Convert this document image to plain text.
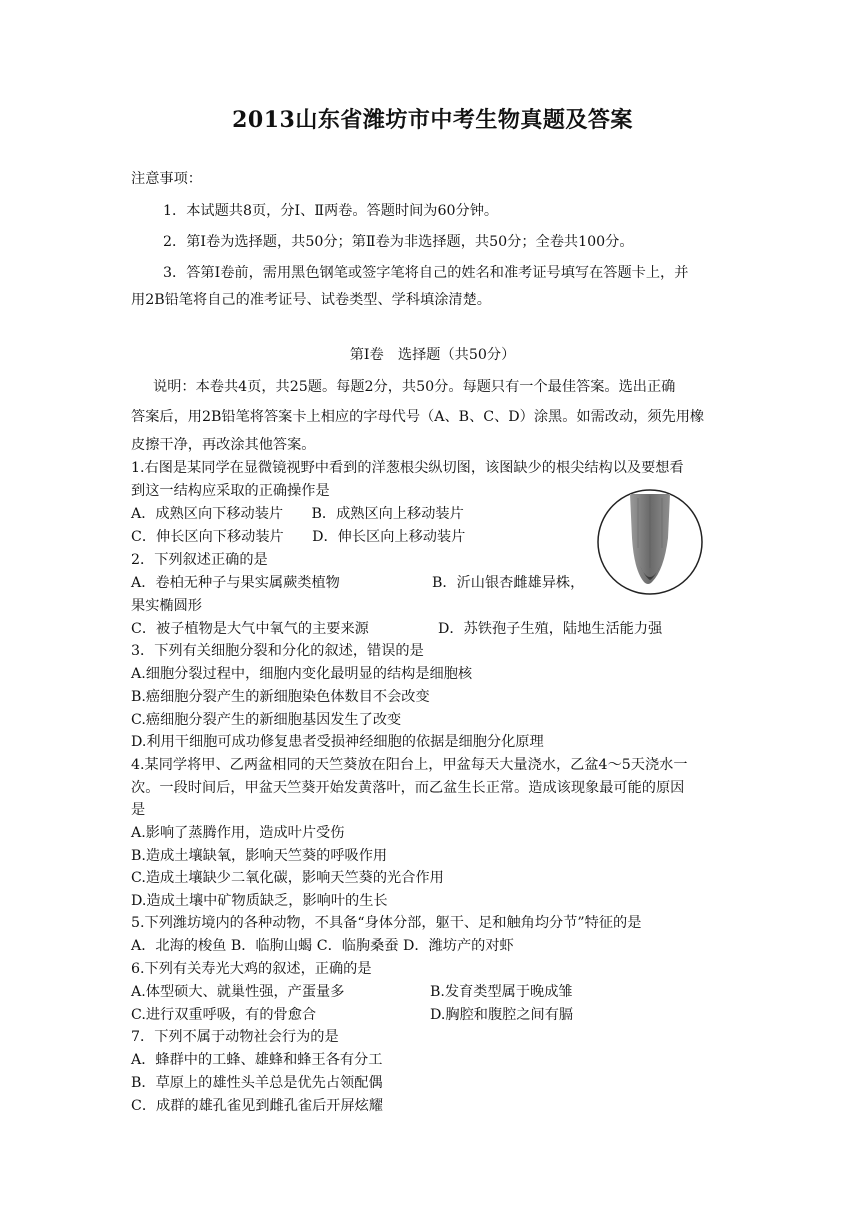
2013山东省潍坊市中考生物真题及答案
注意事项：
1．本试题共8页，分Ⅰ、Ⅱ两卷。答题时间为60分钟。
2．第Ⅰ卷为选择题，共50分；第Ⅱ卷为非选择题，共50分；全卷共100分。
3．答第Ⅰ卷前，需用黑色钢笔或签字笔将自己的姓名和准考证号填写在答题卡上，并
用2B铅笔将自己的准考证号、试卷类型、学科填涂清楚。
第Ⅰ卷　选择题（共50分）
说明：本卷共4页，共25题。每题2分，共50分。每题只有一个最佳答案。选出正确
答案后，用2B铅笔将答案卡上相应的字母代号（A、B、C、D）涂黑。如需改动，须先用橡
皮擦干净，再改涂其他答案。
1.右图是某同学在显微镜视野中看到的洋葱根尖纵切图，该图缺少的根尖结构以及要想看
到这一结构应采取的正确操作是
A．成熟区向下移动装片　　B．成熟区向上移动装片
C．伸长区向下移动装片　　D．伸长区向上移动装片
2．下列叙述正确的是
A．卷柏无种子与果实属蕨类植物	B．沂山银杏雌雄异株，
果实椭圆形
C．被子植物是大气中氧气的主要来源	D．苏铁孢子生殖，陆地生活能力强
3．下列有关细胞分裂和分化的叙述，错误的是
A.细胞分裂过程中，细胞内变化最明显的结构是细胞核
B.癌细胞分裂产生的新细胞染色体数目不会改变
C.癌细胞分裂产生的新细胞基因发生了改变
D.利用干细胞可成功修复患者受损神经细胞的依据是细胞分化原理
4.某同学将甲、乙两盆相同的天竺葵放在阳台上，甲盆每天大量浇水，乙盆4～5天浇水一
次。一段时间后，甲盆天竺葵开始发黄落叶，而乙盆生长正常。造成该现象最可能的原因
是
A.影响了蒸腾作用，造成叶片受伤
B.造成土壤缺氧，影响天竺葵的呼吸作用
C.造成土壤缺少二氧化碳，影响天竺葵的光合作用
D.造成土壤中矿物质缺乏，影响叶的生长
5.下列潍坊境内的各种动物，不具备“身体分部，躯干、足和触角均分节”特征的是
A．北海的梭鱼 B．临朐山蝎 C．临朐桑蚕 D．潍坊产的对虾
6.下列有关寿光大鸡的叙述，正确的是
A.体型硕大、就巢性强，产蛋量多	B.发育类型属于晚成雏
C.进行双重呼吸，有的骨愈合	D.胸腔和腹腔之间有膈
7．下列不属于动物社会行为的是
A．蜂群中的工蜂、雄蜂和蜂王各有分工
B．草原上的雄性头羊总是优先占领配偶
C．成群的雄孔雀见到雌孔雀后开屏炫耀
